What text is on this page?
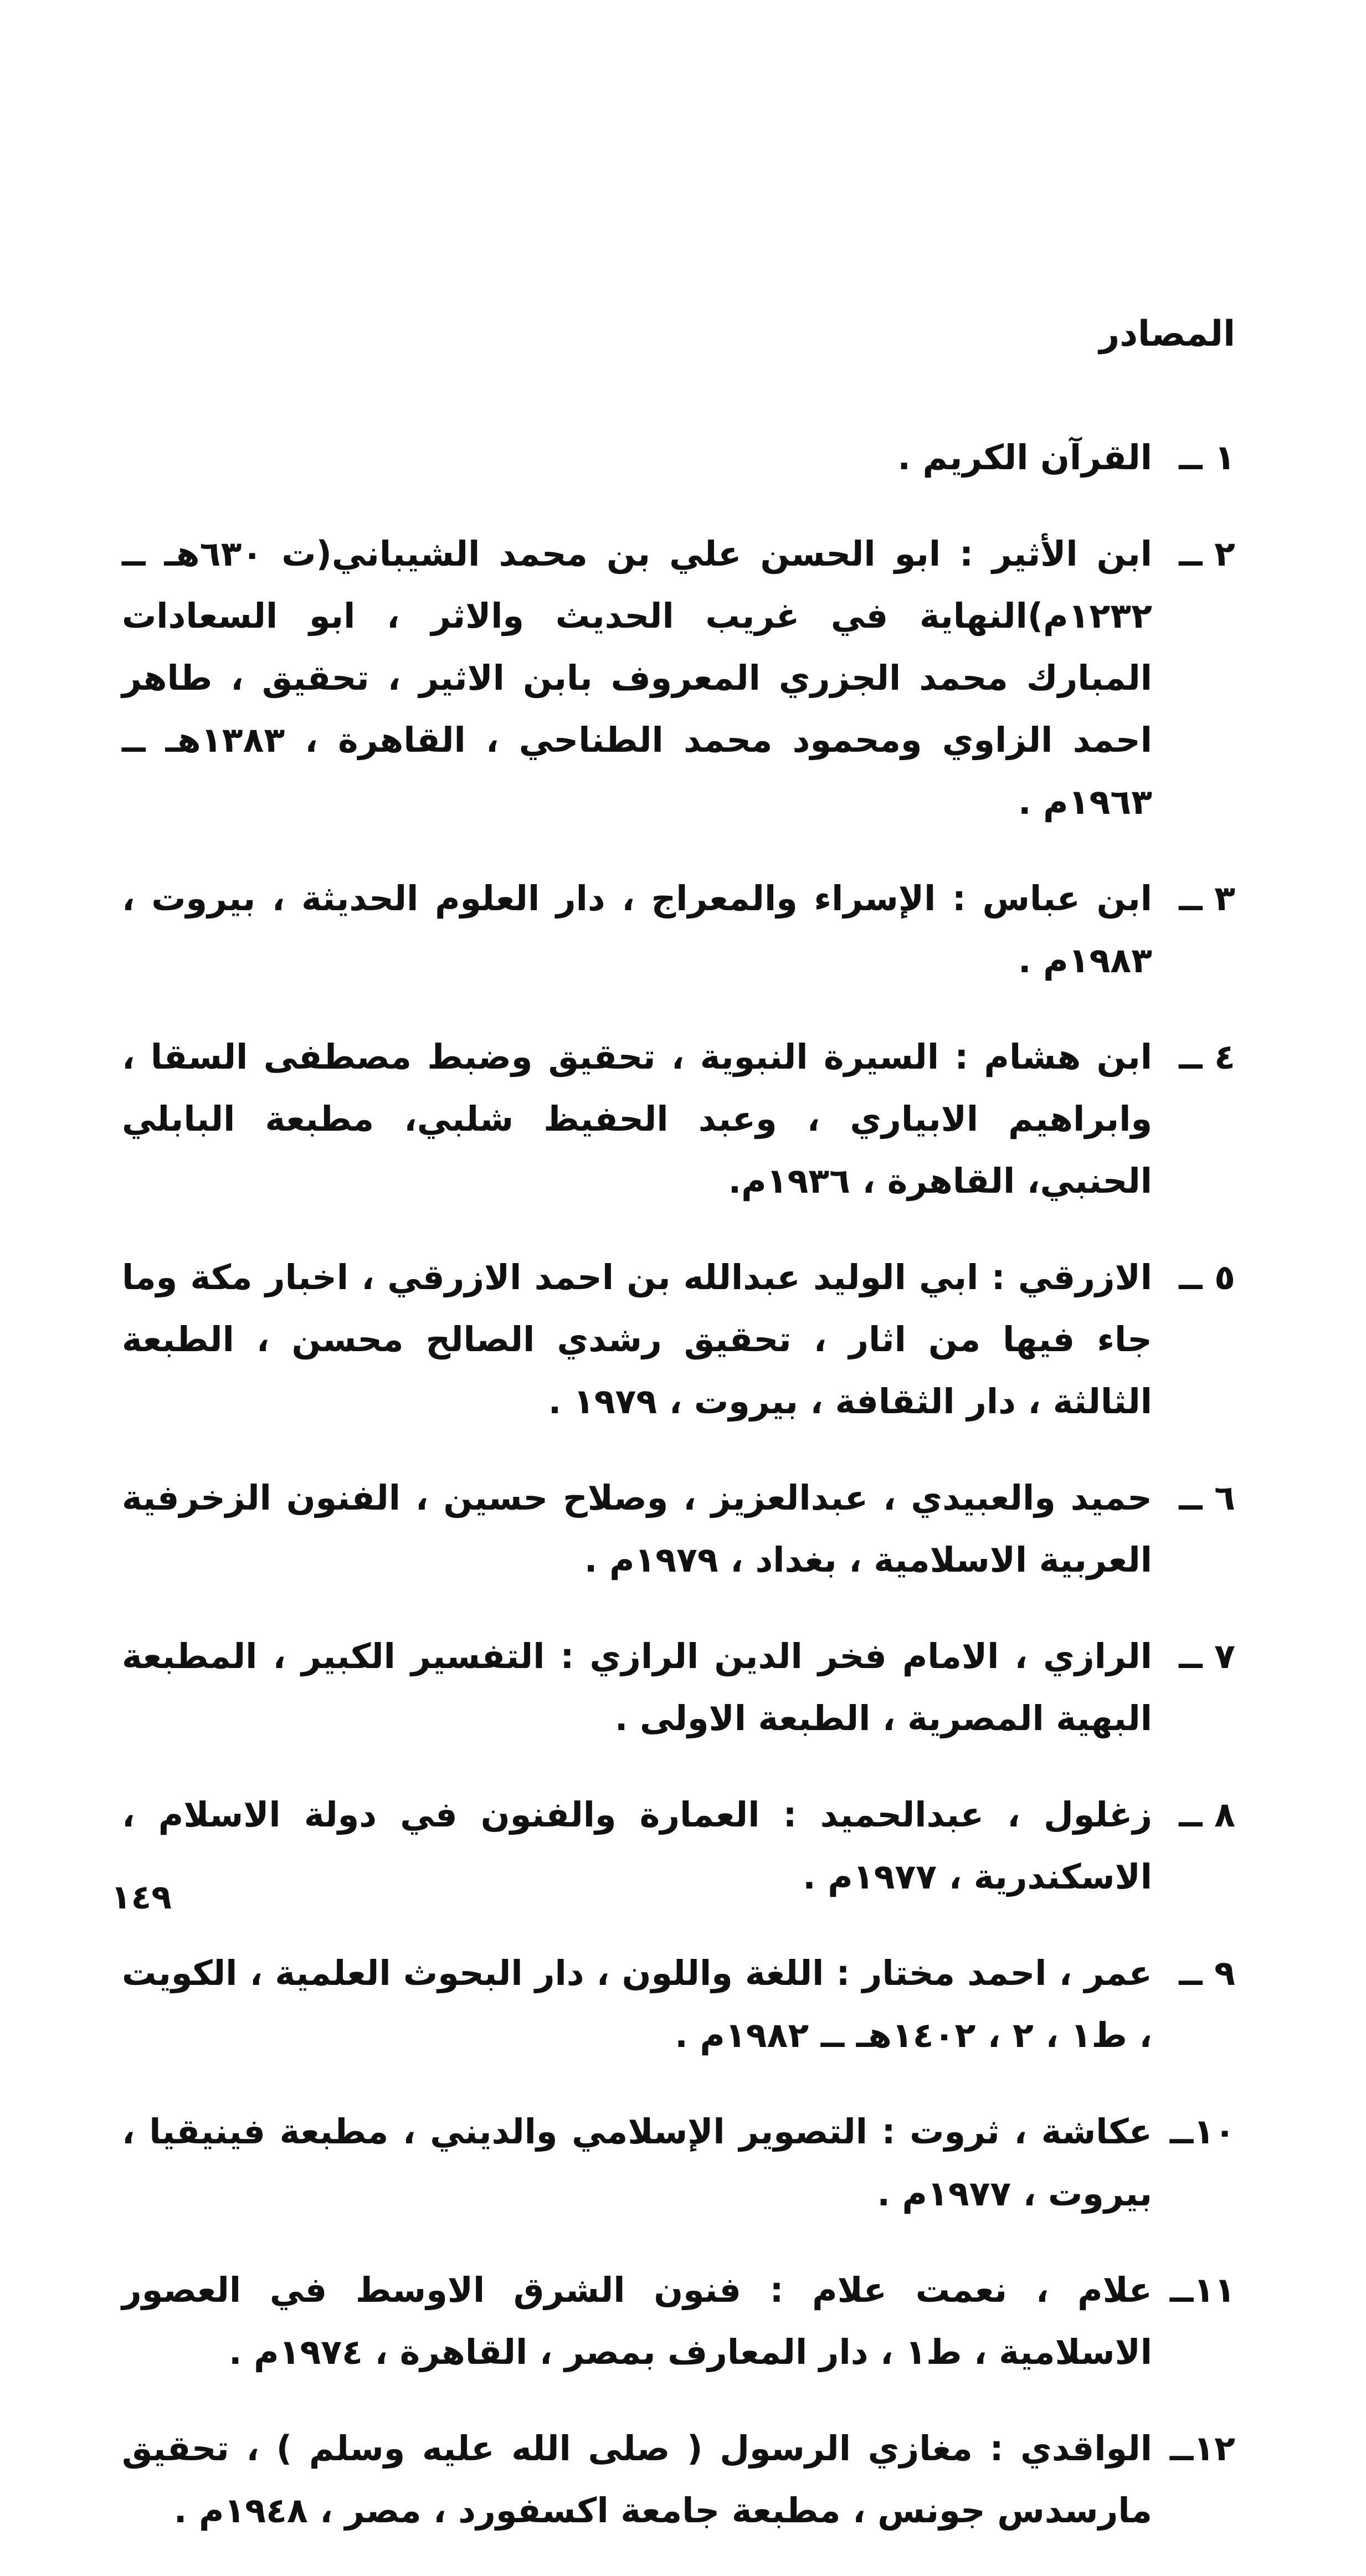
المصادر
١ ــ
القرآن الكريم .
٢ ــ
ابن الأثير : ابو الحسن علي بن محمد الشيباني(ت ٦٣٠هـ ــ ١٢٣٢م)النهاية في غريب الحديث والاثر ، ابو السعادات المبارك محمد الجزري المعروف بابن الاثير ، تحقيق ، طاهر احمد الزاوي ومحمود محمد الطناحي ، القاهرة ، ١٣٨٣هـ ــ ١٩٦٣م .
٣ ــ
ابن عباس : الإسراء والمعراج ، دار العلوم الحديثة ، بيروت ، ١٩٨٣م .
٤ ــ
ابن هشام : السيرة النبوية ، تحقيق وضبط مصطفى السقا ، وابراهيم الابياري ، وعبد الحفيظ شلبي، مطبعة البابلي الحنبي، القاهرة ، ١٩٣٦م.
٥ ــ
الازرقي : ابي الوليد عبدالله بن احمد الازرقي ، اخبار مكة وما جاء فيها من اثار ، تحقيق رشدي الصالح محسن ، الطبعة الثالثة ، دار الثقافة ، بيروت ، ١٩٧٩ .
٦ ــ
حميد والعبيدي ، عبدالعزيز ، وصلاح حسين ، الفنون الزخرفية العربية الاسلامية ، بغداد ، ١٩٧٩م .
٧ ــ
الرازي ، الامام فخر الدين الرازي : التفسير الكبير ، المطبعة البهية المصرية ، الطبعة الاولى .
٨ ــ
زغلول ، عبدالحميد : العمارة والفنون في دولة الاسلام ، الاسكندرية ، ١٩٧٧م .
٩ ــ
عمر ، احمد مختار : اللغة واللون ، دار البحوث العلمية ، الكويت ، ط١ ، ٢ ، ١٤٠٢هـ ــ ١٩٨٢م .
١٠ــ
عكاشة ، ثروت : التصوير الإسلامي والديني ، مطبعة فينيقيا ، بيروت ، ١٩٧٧م .
١١ــ
علام ، نعمت علام : فنون الشرق الاوسط في العصور الاسلامية ، ط١ ، دار المعارف بمصر ، القاهرة ، ١٩٧٤م .
١٢ــ
الواقدي : مغازي الرسول ( صلى الله عليه وسلم ) ، تحقيق مارسدس جونس ، مطبعة جامعة اكسفورد ، مصر ، ١٩٤٨م .
١٤٩
